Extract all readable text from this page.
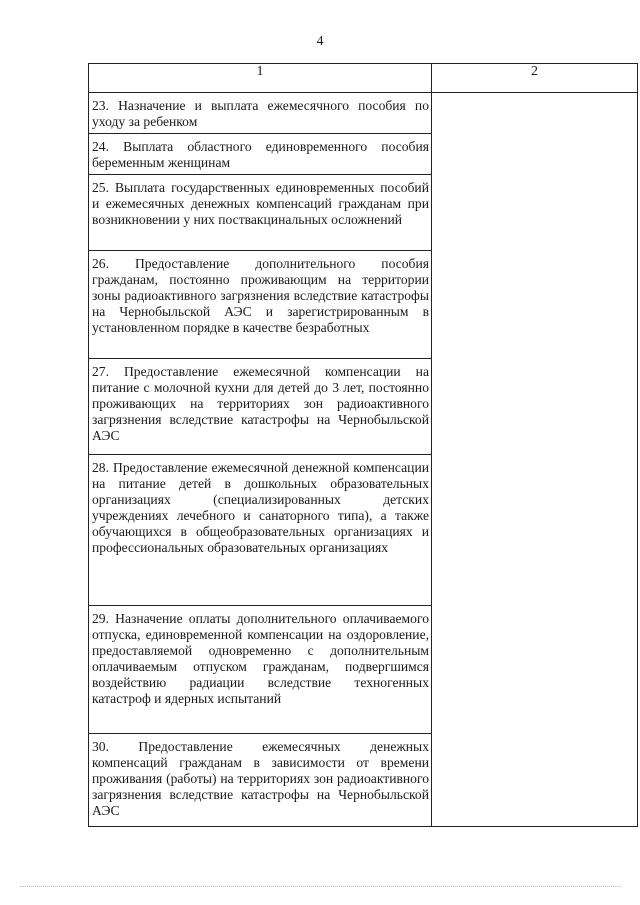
4
1	2

23. Назначение и выплата ежемесячного пособия по уходу за ребенком	

24. Выплата областного единовременного пособия беременным женщинам	

25. Выплата государственных единовременных пособий и ежемесячных денежных компенсаций гражданам при возникновении у них поствакцинальных осложнений	

26. Предоставление дополнительного пособия гражданам, постоянно проживающим на территории зоны радиоактивного загрязнения вследствие катастрофы на Чернобыльской АЭС и зарегистрированным в установленном порядке в качестве безработных	

27. Предоставление ежемесячной компенсации на питание с молочной кухни для детей до 3 лет, постоянно проживающих на территориях зон радиоактивного загрязнения вследствие катастрофы на Чернобыльской АЭС	

28. Предоставление ежемесячной денежной компенсации на питание детей в дошкольных образовательных организациях (специализированных детских учреждениях лечебного и санаторного типа), а также обучающихся в общеобразовательных организациях и профессиональных образовательных организациях	

29. Назначение оплаты дополнительного оплачиваемого отпуска, единовременной компенсации на оздоровление, предоставляемой одновременно с дополнительным оплачиваемым отпуском гражданам, подвергшимся воздействию радиации вследствие техногенных катастроф и ядерных испытаний	

30. Предоставление ежемесячных денежных компенсаций гражданам в зависимости от времени проживания (работы) на территориях зон радиоактивного загрязнения вследствие катастрофы на Чернобыльской АЭС	
